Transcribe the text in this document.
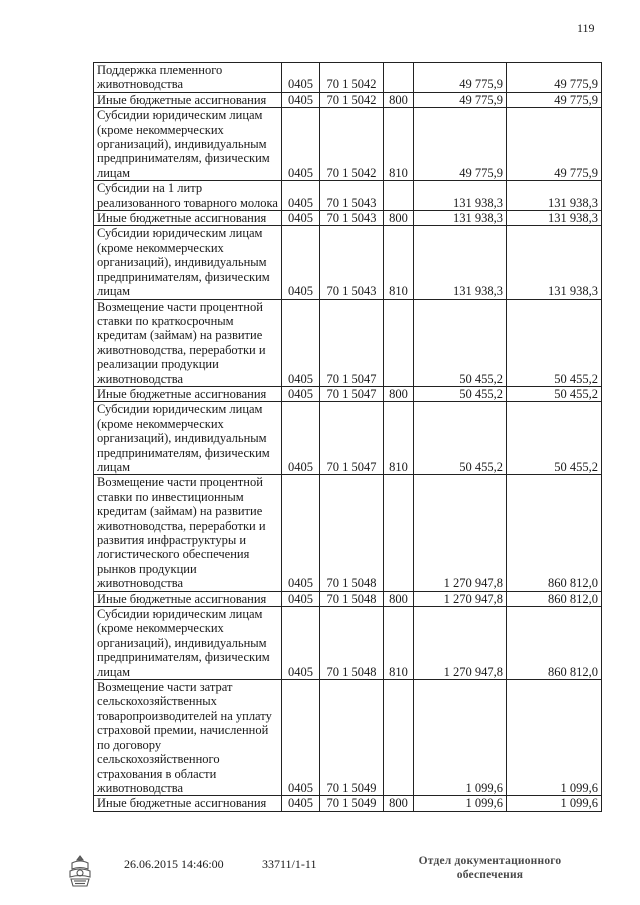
119
Поддержка племенного животноводства	0405	70 1 5042		49 775,9	49 775,9
Иные бюджетные ассигнования	0405	70 1 5042	800	49 775,9	49 775,9
Субсидии юридическим лицам (кроме некоммерческих организаций), индивидуальным предпринимателям, физическим лицам	0405	70 1 5042	810	49 775,9	49 775,9
Субсидии на 1 литр реализованного товарного молока	0405	70 1 5043		131 938,3	131 938,3
Иные бюджетные ассигнования	0405	70 1 5043	800	131 938,3	131 938,3
Субсидии юридическим лицам (кроме некоммерческих организаций), индивидуальным предпринимателям, физическим лицам	0405	70 1 5043	810	131 938,3	131 938,3
Возмещение части процентной ставки по краткосрочным кредитам (займам) на развитие животноводства, переработки и реализации продукции животноводства	0405	70 1 5047		50 455,2	50 455,2
Иные бюджетные ассигнования	0405	70 1 5047	800	50 455,2	50 455,2
Субсидии юридическим лицам (кроме некоммерческих организаций), индивидуальным предпринимателям, физическим лицам	0405	70 1 5047	810	50 455,2	50 455,2
Возмещение части процентной ставки по инвестиционным кредитам (займам) на развитие животноводства, переработки и развития инфраструктуры и логистического обеспечения рынков продукции животноводства	0405	70 1 5048		1 270 947,8	860 812,0
Иные бюджетные ассигнования	0405	70 1 5048	800	1 270 947,8	860 812,0
Субсидии юридическим лицам (кроме некоммерческих организаций), индивидуальным предпринимателям, физическим лицам	0405	70 1 5048	810	1 270 947,8	860 812,0
Возмещение части затрат сельскохозяйственных товаропроизводителей на уплату страховой премии, начисленной по договору сельскохозяйственного страхования в области животноводства	0405	70 1 5049		1 099,6	1 099,6
Иные бюджетные ассигнования	0405	70 1 5049	800	1 099,6	1 099,6
26.06.2015 14:46:00	33711/1-11	Отдел документационного
обеспечения
